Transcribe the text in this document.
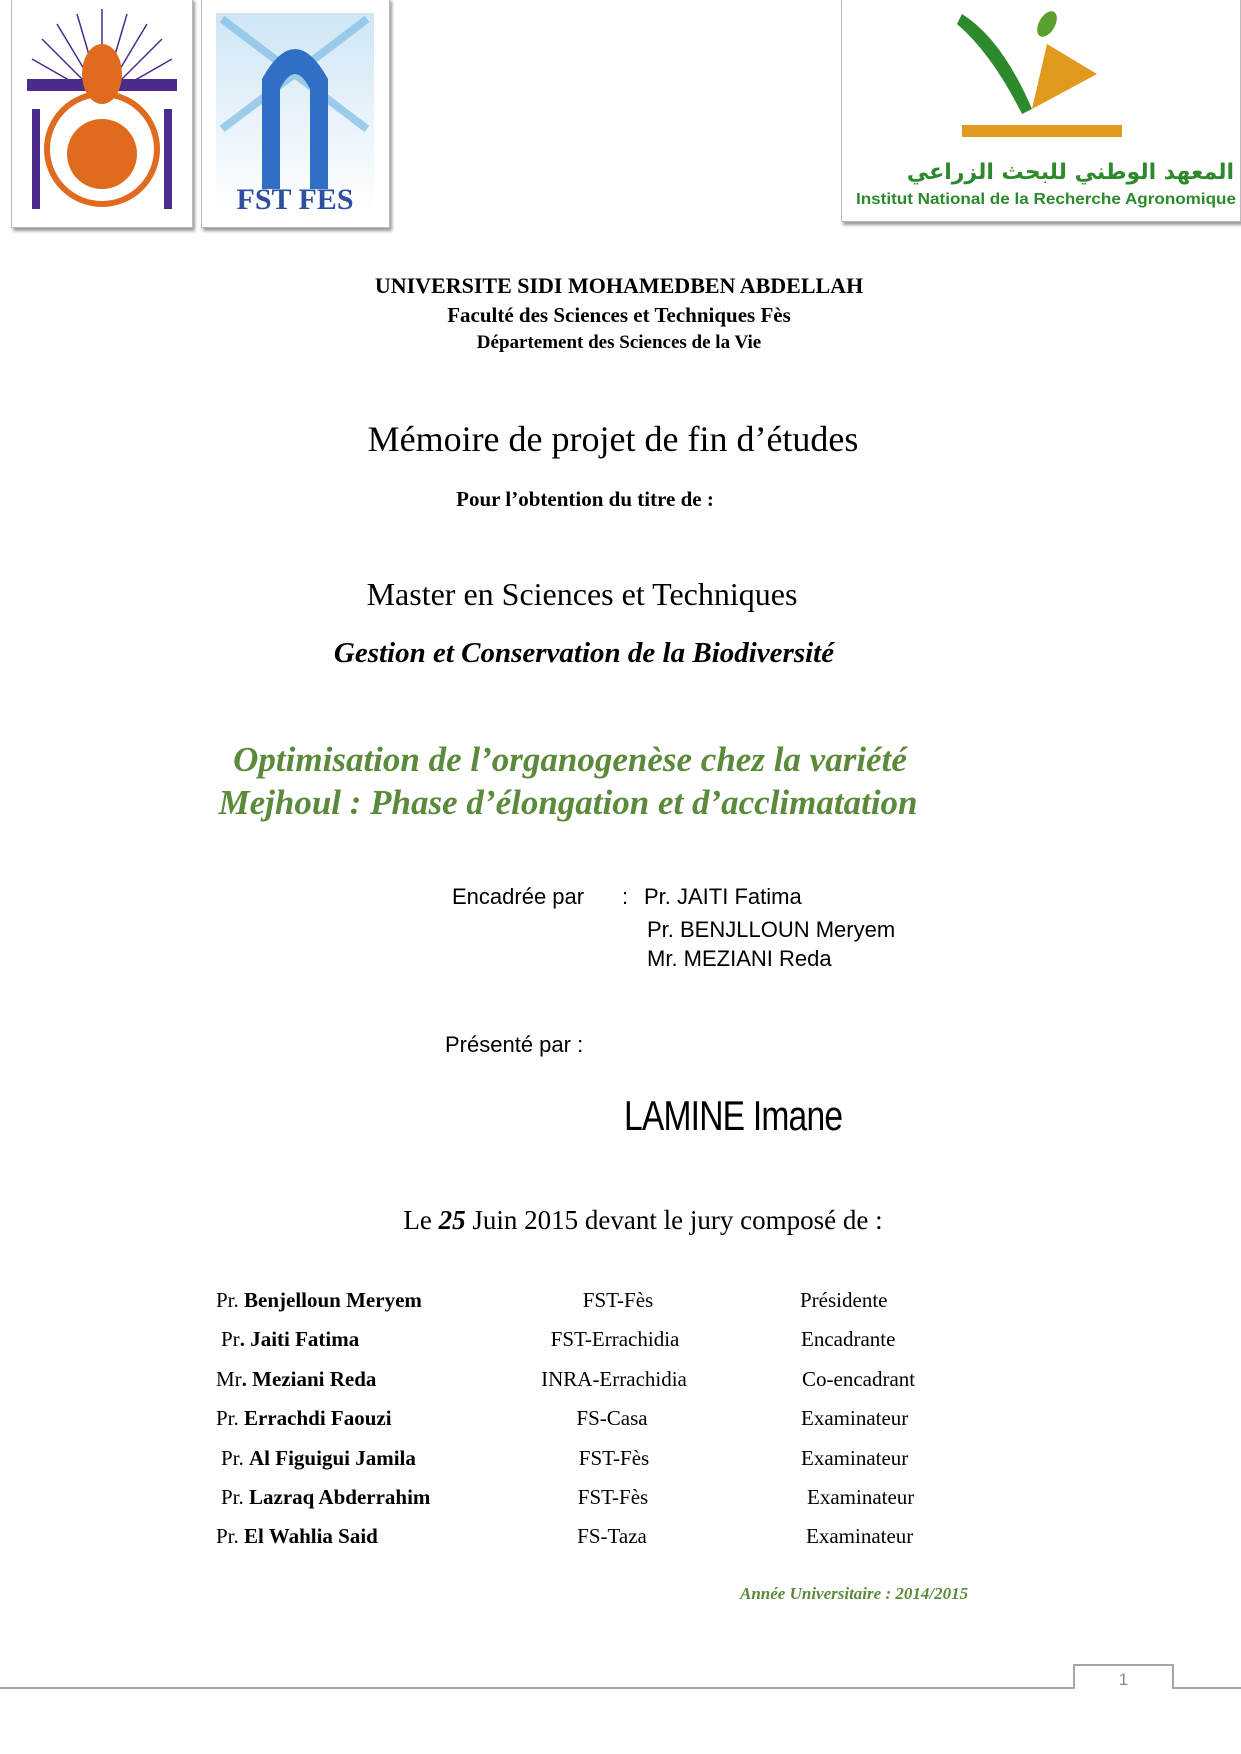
FST FES
المعهد الوطني للبحث الزراعي
Institut National de la Recherche Agronomique
UNIVERSITE SIDI MOHAMEDBEN ABDELLAH
Faculté des Sciences et Techniques Fès
Département des Sciences de la Vie
Mémoire de projet de fin d’études
Pour l’obtention du titre de :
Master en Sciences et Techniques
Gestion et Conservation de la Biodiversité
Optimisation de l’organogenèse chez la variété
Mejhoul : Phase d’élongation et d’acclimatation
Encadrée par : Pr. JAITI Fatima
Pr. BENJLLOUN Meryem
Mr. MEZIANI Reda
Présenté par :
LAMINE Imane
Le 25 Juin 2015 devant le jury composé de :
Pr. Benjelloun Meryem	FST-Fès	Présidente
Pr. Jaiti Fatima	FST-Errachidia	Encadrante
Mr. Meziani Reda	INRA-Errachidia	Co-encadrant
Pr. Errachdi Faouzi	FS-Casa	Examinateur
Pr. Al Figuigui Jamila	FST-Fès	Examinateur
Pr. Lazraq Abderrahim	FST-Fès	Examinateur
Pr. El Wahlia Said	FS-Taza	Examinateur
Année Universitaire : 2014/2015
1
